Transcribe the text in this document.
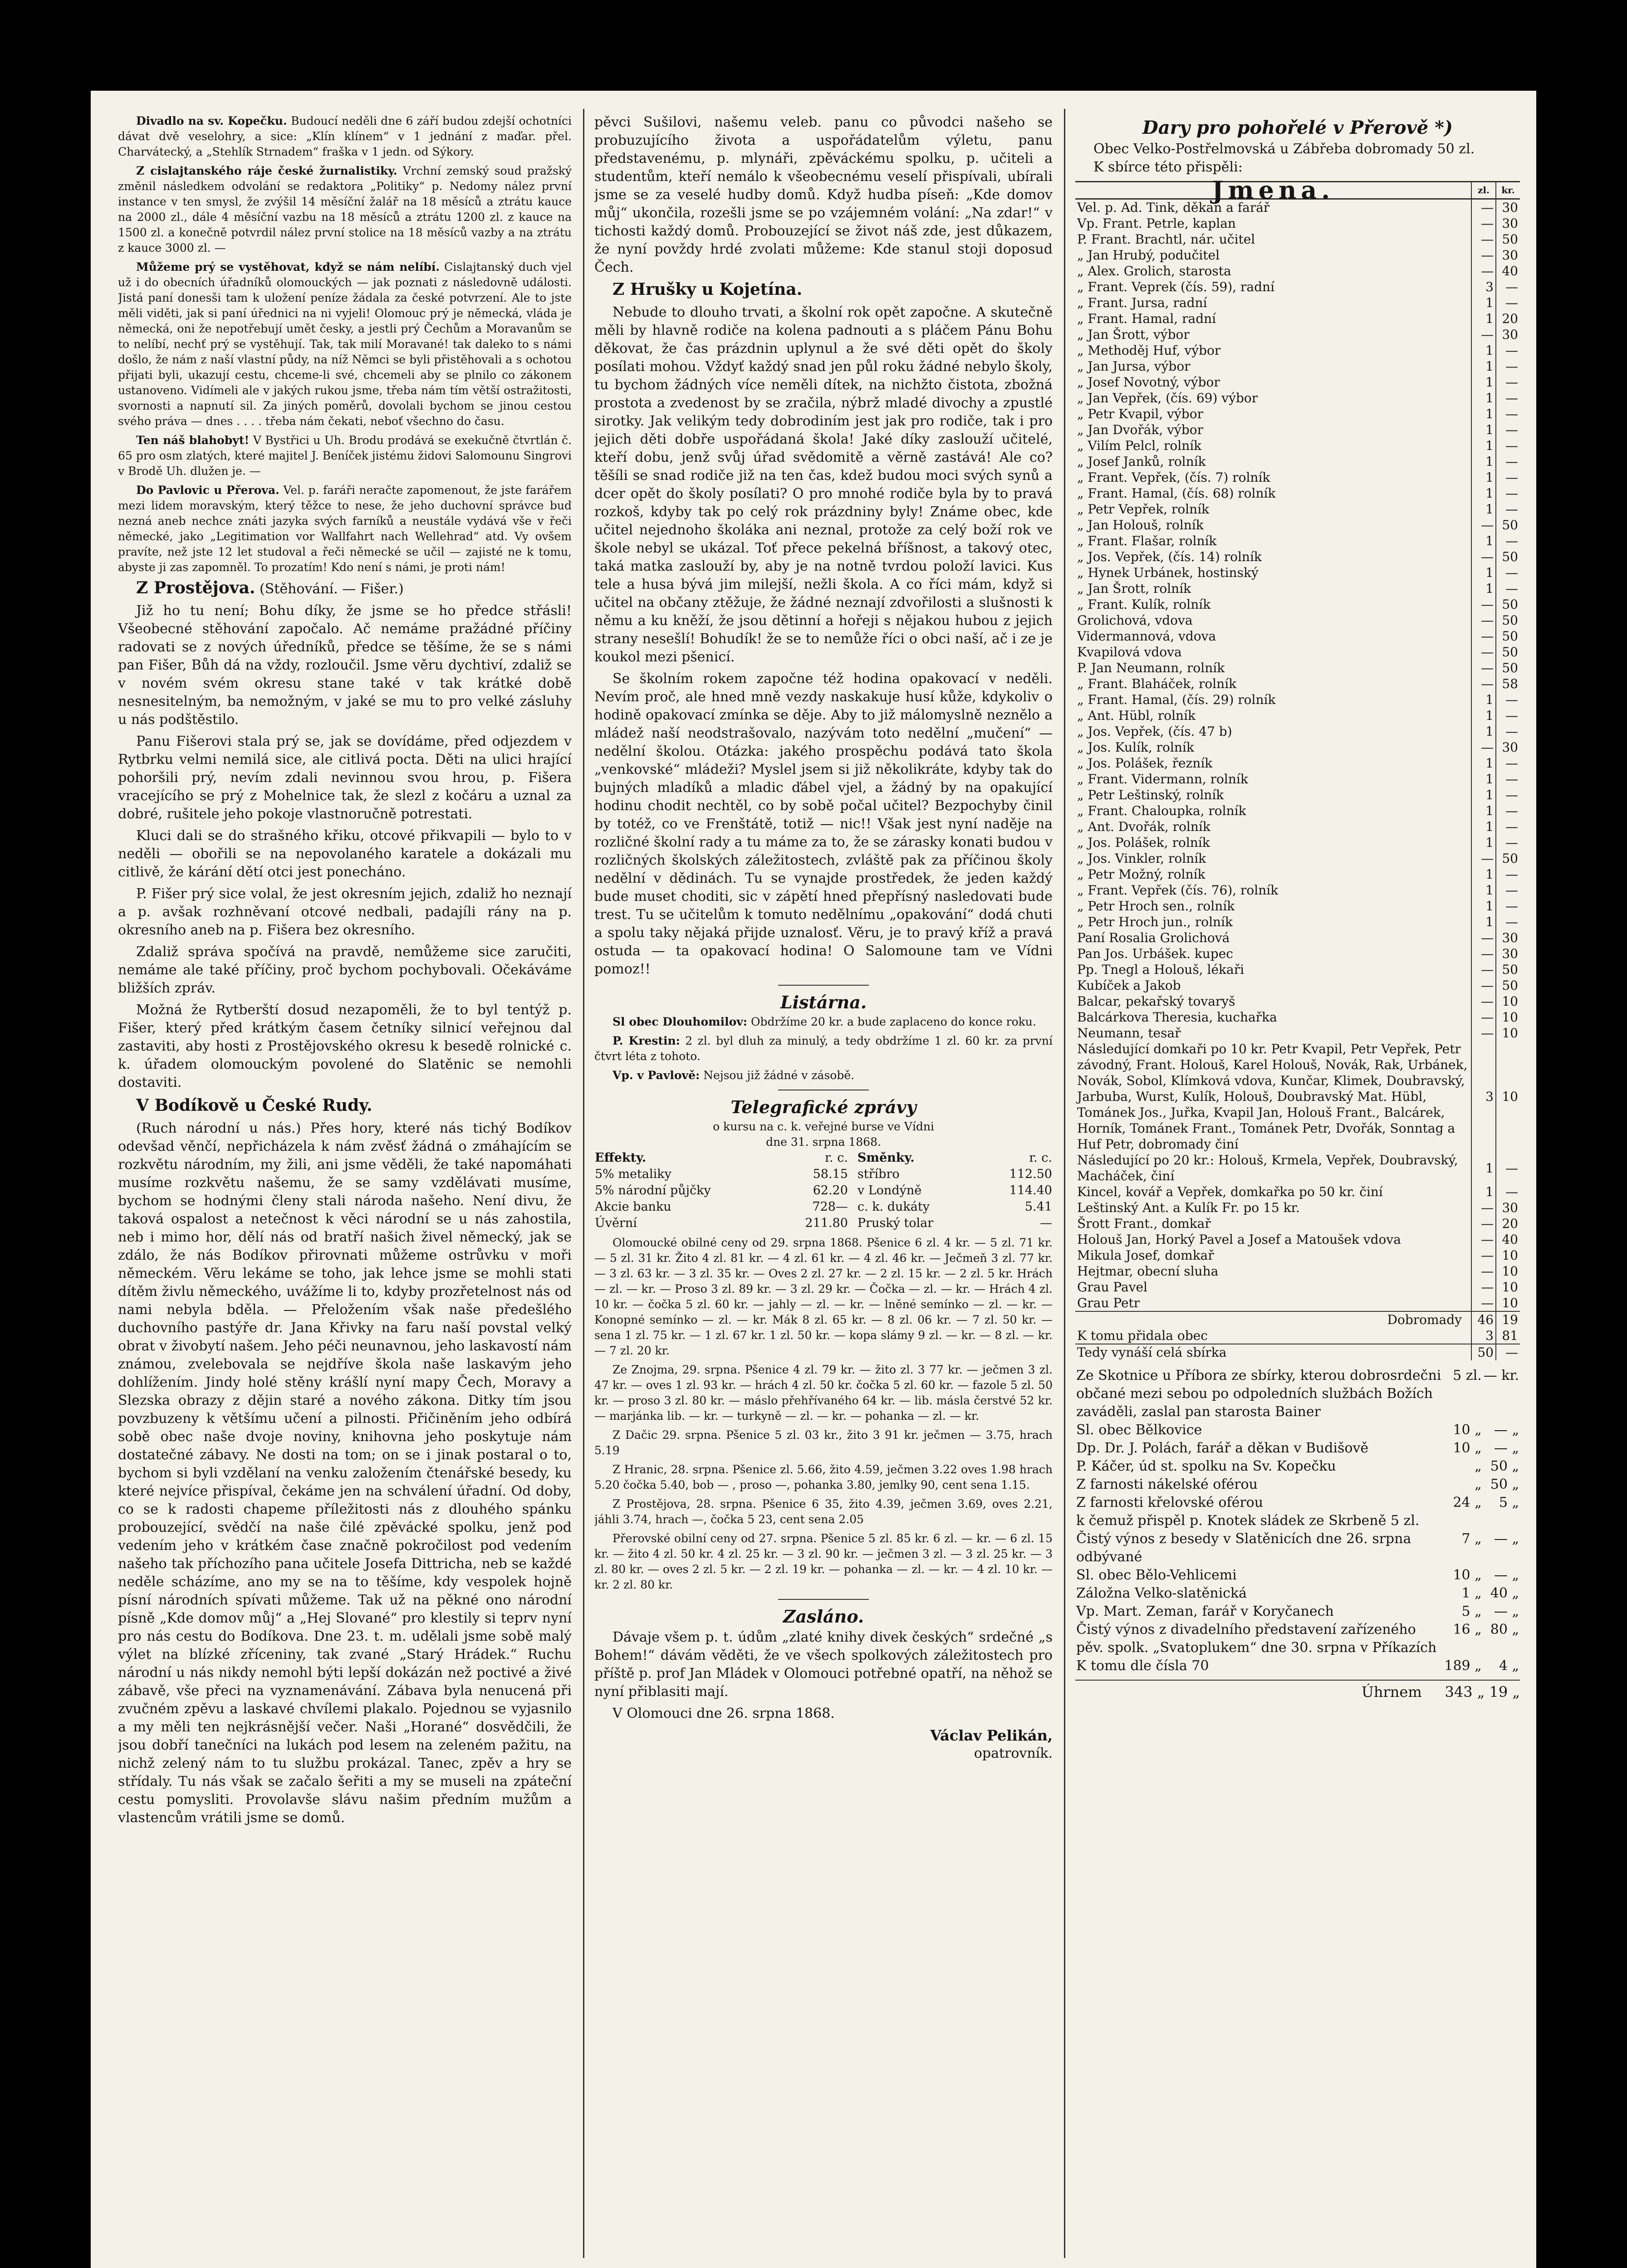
Divadlo na sv. Kopečku. Budoucí neděli dne 6 září budou zdejší ochotníci dávat dvě veselohry, a sice: „Klín klínem“ v 1 jednání z maďar. přel. Charvátecký, a „Stehlík Strnadem“ fraška v 1 jedn. od Sýkory.

Z cislajtanského ráje české žurnalistiky. Vrchní zemský soud pražský změnil následkem odvolání se redaktora „Politiky“ p. Nedomy nález první instance v ten smysl, že zvýšil 14 měsíční žalář na 18 měsíců a ztrátu kauce na 2000 zl., dále 4 měsíční vazbu na 18 měsíců a ztrátu 1200 zl. z kauce na 1500 zl. a konečně potvrdil nález první stolice na 18 měsíců vazby a na ztrátu z kauce 3000 zl. —

Můžeme prý se vystěhovat, když se nám nelíbí. Cislajtanský duch vjel už i do obecních úřadníků olomouckých — jak poznati z následovně události. Jistá paní donesši tam k uložení peníze žádala za české potvrzení. Ale to jste měli viděti, jak si paní úřednici na ni vyjeli! Olomouc prý je německá, vláda je německá, oni že nepotřebují umět česky, a jestli prý Čechům a Moravanům se to nelíbí, nechť prý se vystěhují. Tak, tak milí Moravané! tak daleko to s námi došlo, že nám z naší vlastní půdy, na níž Němci se byli přistěhovali a s ochotou přijati byli, ukazují cestu, chceme-li své, chcemeli aby se plnilo co zákonem ustanoveno. Vidímeli ale v jakých rukou jsme, třeba nám tím větší ostražitosti, svornosti a napnutí sil. Za jiných poměrů, dovolali bychom se jinou cestou svého práva — dnes . . . . třeba nám čekati, neboť všechno do času.

Ten náš blahobyt! V Bystřici u Uh. Brodu prodává se exekučně čtvrtlán č. 65 pro osm zlatých, které majitel J. Beníček jistému židovi Salomounu Singrovi v Brodě Uh. dlužen je. —

Do Pavlovic u Přerova. Vel. p. faráři neračte zapomenout, že jste farářem mezi lidem moravským, který těžce to nese, že jeho duchovní správce buď nezná aneb nechce znáti jazyka svých farníků a neustále vydává vše v řeči německé, jako „Legitimation vor Wallfahrt nach Wellehrad“ atd. Vy ovšem pravíte, než jste 12 let studoval a řeči německé se učil — zajisté ne k tomu, abyste ji zas zapomněl. To prozatím! Kdo není s námi, je proti nám!

Z Prostějova. (Stěhování. — Fišer.)

Již ho tu není; Bohu díky, že jsme se ho předce střásli! Všeobecné stěhování započalo. Ač nemáme pražádné příčiny radovati se z nových úředníků, předce se těšíme, že se s námi pan Fišer, Bůh dá na vždy, rozloučil. Jsme věru dychtiví, zdaliž se v novém svém okresu stane také v tak krátké době nesnesitelným, ba nemožným, v jaké se mu to pro velké zásluhy u nás podštěstilo.

Panu Fišerovi stala prý se, jak se dovídáme, před odjezdem v Rytbrku velmi nemilá sice, ale citlivá pocta. Děti na ulici hrající pohoršili prý, nevím zdali nevinnou svou hrou, p. Fišera vracejícího se prý z Mohelnice tak, že slezl z kočáru a uznal za dobré, rušitele jeho pokoje vlastnoručně potrestati.

Kluci dali se do strašného křiku, otcové přikvapili — bylo to v neděli — obořili se na nepovolaného karatele a dokázali mu citlivě, že kárání dětí otci jest ponecháno.

P. Fišer prý sice volal, že jest okresním jejich, zdaliž ho neznají a p. avšak rozhněvaní otcové nedbali, padajíli rány na p. okresního aneb na p. Fišera bez okresního.

Zdaliž správa spočívá na pravdě, nemůžeme sice zaručiti, nemáme ale také příčiny, proč bychom pochybovali. Očekáváme bližších zpráv.

Možná že Rytberští dosud nezapoměli, že to byl tentýž p. Fišer, který před krátkým časem četníky silnicí veřejnou dal zastaviti, aby hosti z Prostějovského okresu k besedě rolnické c. k. úřadem olomouckým povolené do Slatěnic se nemohli dostaviti.

V Bodíkově u České Rudy.

(Ruch národní u nás.) Přes hory, které nás tichý Bodíkov odevšad věnčí, nepřicházela k nám zvěsť žádná o zmáhajícím se rozkvětu národním, my žili, ani jsme věděli, že také napomáhati musíme rozkvětu našemu, že se samy vzdělávati musíme, bychom se hodnými členy stali národa našeho. Není divu, že taková ospalost a netečnost k věci národní se u nás zahostila, neb i mimo hor, dělí nás od bratří našich živel německý, jak se zdálo, že nás Bodíkov přirovnati můžeme ostrůvku v moři německém. Věru lekáme se toho, jak lehce jsme se mohli stati dítěm živlu německého, uvážíme li to, kdyby prozřetelnost nás od nami nebyla bděla. — Přeložením však naše předešlého duchovního pastýře dr. Jana Křivky na faru naší povstal velký obrat v živobytí našem. Jeho péči neunavnou, jeho laskavostí nám známou, zvelebovala se nejdříve škola naše laskavým jeho dohlížením. Jindy holé stěny krášlí nyní mapy Čech, Moravy a Slezska obrazy z dějin staré a nového zákona. Ditky tím jsou povzbuzeny k většímu učení a pilnosti. Přičiněním jeho odbírá sobě obec naše dvoje noviny, knihovna jeho poskytuje nám dostatečné zábavy. Ne dosti na tom; on se i jinak postaral o to, bychom si byli vzdělaní na venku založením čtenářské besedy, ku které nejvíce přispíval, čekáme jen na schválení úřadní. Od doby, co se k radosti chapeme příležitosti nás z dlouhého spánku probouzející, svědčí na naše čilé zpěvácké spolku, jenž pod vedením jeho v krátkém čase značně pokročilost pod vedením našeho tak příchozího pana učitele Josefa Dittricha, neb se každé neděle scházíme, ano my se na to těšíme, kdy vespolek hojně písní národních spívati můžeme. Tak už na pěkné ono národní písně „Kde domov můj“ a „Hej Slované“ pro klestily si teprv nyní pro nás cestu do Bodíkova. Dne 23. t. m. udělali jsme sobě malý výlet na blízké zříceniny, tak zvané „Starý Hrádek.“ Ruchu národní u nás nikdy nemohl býti lepší dokázán než poctivé a živé zábavě, vše přeci na vyznamenávání. Zábava byla nenucená při zvučném zpěvu a laskavé chvílemi plakalo. Pojednou se vyjasnilo a my měli ten nejkrásnější večer. Naši „Horané“ dosvědčili, že jsou dobří tanečníci na lukách pod lesem na zeleném pažitu, na nichž zelený nám to tu službu prokázal. Tanec, zpěv a hry se střídaly. Tu nás však se začalo šeřiti a my se museli na zpáteční cestu pomysliti. Provolavše slávu našim předním mužům a vlastencům vrátili jsme se domů.

pěvci Sušilovi, našemu veleb. panu co původci našeho se probuzujícího života a uspořádatelům výletu, panu představenému, p. mlynáři, zpěváckému spolku, p. učiteli a studentům, kteří nemálo k všeobecnému veselí přispívali, ubírali jsme se za veselé hudby domů. Když hudba píseň: „Kde domov můj“ ukončila, rozešli jsme se po vzájemném volání: „Na zdar!“ v tichosti každý domů. Probouzející se život náš zde, jest důkazem, že nyní povždy hrdé zvolati můžeme: Kde stanul stoji doposud Čech.

Z Hrušky u Kojetína.

Nebude to dlouho trvati, a školní rok opět započne. A skutečně měli by hlavně rodiče na kolena padnouti a s pláčem Pánu Bohu děkovat, že čas prázdnin uplynul a že své děti opět do školy posílati mohou. Vždyť každý snad jen půl roku žádné nebylo školy, tu bychom žádných více neměli dítek, na nichžto čistota, zbožná prostota a zvedenost by se zračila, nýbrž mladé divochy a zpustlé sirotky. Jak velikým tedy dobrodiním jest jak pro rodiče, tak i pro jejich děti dobře uspořádaná škola! Jaké díky zaslouží učitelé, kteří dobu, jenž svůj úřad svědomitě a věrně zastává! Ale co? těšíli se snad rodiče již na ten čas, kdež budou moci svých synů a dcer opět do školy posílati? O pro mnohé rodiče byla by to pravá rozkoš, kdyby tak po celý rok prázdniny byly! Známe obec, kde učitel nejednoho školáka ani neznal, protože za celý boží rok ve škole nebyl se ukázal. Toť přece pekelná bříšnost, a takový otec, taká matka zaslouží by, aby je na notně tvrdou položí lavici. Kus tele a husa bývá jim milejší, nežli škola. A co říci mám, když si učitel na občany ztěžuje, že žádné neznají zdvořilosti a slušnosti k němu a ku kněží, že jsou dětinní a hořeji s nějakou hubou z jejich strany nesešlí! Bohudík! že se to nemůže říci o obci naší, ač i ze je koukol mezi pšenicí.

Se školním rokem započne též hodina opakovací v neděli. Nevím proč, ale hned mně vezdy naskakuje husí kůže, kdykoliv o hodině opakovací zmínka se děje. Aby to již málomyslně neznělo a mládež naší neodstrašovalo, nazývám toto nedělní „mučení“ — nedělní školou. Otázka: jakého prospěchu podává tato škola „venkovské“ mládeži? Myslel jsem si již několikráte, kdyby tak do bujných mladíků a mladic ďábel vjel, a žádný by na opakující hodinu chodit nechtěl, co by sobě počal učitel? Bezpochyby činil by totéž, co ve Frenštátě, totiž — nic!! Však jest nyní naděje na rozličné školní rady a tu máme za to, že se zárasky konati budou v rozličných školských záležitostech, zvláště pak za příčinou školy nedělní v dědinách. Tu se vynajde prostředek, že jeden každý bude muset choditi, sic v zápětí hned přepřísný nasledovati bude trest. Tu se učitelům k tomuto nedělnímu „opakování“ dodá chuti a spolu taky nějaká přijde uznalosť. Věru, je to pravý kříž a pravá ostuda — ta opakovací hodina! O Salomoune tam ve Vídni pomoz!!

Listárna.

Sl obec Dlouhomilov: Obdržíme 20 kr. a bude zaplaceno do konce roku.

P. Krestin: 2 zl. byl dluh za minulý, a tedy obdržíme 1 zl. 60 kr. za první čtvrt léta z tohoto.

Vp. v Pavlově: Nejsou již žádné v zásobě.

Telegrafické zprávy
o kursu na c. k. veřejné burse ve Vídni
dne 31. srpna 1868.
Effekty.	r. c.	Směnky.	r. c.
5% metaliky	58.15	stříbro	112.50
5% národní půjčky	62.20	v Londýně	114.40
Akcie banku	728—	c. k. dukáty	5.41
Úvěrní	211.80	Pruský tolar	—

Olomoucké obilné ceny od 29. srpna 1868. Pšenice 6 zl. 4 kr. — 5 zl. 71 kr. — 5 zl. 31 kr. Žito 4 zl. 81 kr. — 4 zl. 61 kr. — 4 zl. 46 kr. — Ječmeň 3 zl. 77 kr. — 3 zl. 63 kr. — 3 zl. 35 kr. — Oves 2 zl. 27 kr. — 2 zl. 15 kr. — 2 zl. 5 kr. Hrách — zl. — kr. — Proso 3 zl. 89 kr. — 3 zl. 29 kr. — Čočka — zl. — kr. — Hrách 4 zl. 10 kr. — čočka 5 zl. 60 kr. — jahly — zl. — kr. — lněné semínko — zl. — kr. — Konopné semínko — zl. — kr. Mák 8 zl. 65 kr. — 8 zl. 06 kr. — 7 zl. 50 kr. — sena 1 zl. 75 kr. — 1 zl. 67 kr. 1 zl. 50 kr. — kopa slámy 9 zl. — kr. — 8 zl. — kr. — 7 zl. 20 kr.

Ze Znojma, 29. srpna. Pšenice 4 zl. 79 kr. — žito zl. 3 77 kr. — ječmen 3 zl. 47 kr. — oves 1 zl. 93 kr. — hrách 4 zl. 50 kr. čočka 5 zl. 60 kr. — fazole 5 zl. 50 kr. — proso 3 zl. 80 kr. — máslo přehřívaného 64 kr. — lib. másla čerstvé 52 kr. — marjánka lib. — kr. — turkyně — zl. — kr. — pohanka — zl. — kr.

Z Dačic 29. srpna. Pšenice 5 zl. 03 kr., žito 3 91 kr. ječmen — 3.75, hrach 5.19

Z Hranic, 28. srpna. Pšenice zl. 5.66, žito 4.59, ječmen 3.22 oves 1.98 hrach 5.20 čočka 5.40, bob — , proso —, pohanka 3.80, jemlky 90, cent sena 1.15.

Z Prostějova, 28. srpna. Pšenice 6 35, žito 4.39, ječmen 3.69, oves 2.21, jáhli 3.74, hrach —, čočka 5 23, cent sena 2.05

Přerovské obilní ceny od 27. srpna. Pšenice 5 zl. 85 kr. 6 zl. — kr. — 6 zl. 15 kr. — žito 4 zl. 50 kr. 4 zl. 25 kr. — 3 zl. 90 kr. — ječmen 3 zl. — 3 zl. 25 kr. — 3 zl. 80 kr. — oves 2 zl. 5 kr. — 2 zl. 19 kr. — pohanka — zl. — kr. — 4 zl. 10 kr. — kr. 2 zl. 80 kr.

Zasláno.

Dávaje všem p. t. údům „zlaté knihy divek českých“ srdečné „s Bohem!“ dávám věděti, že ve všech spolkových záležitostech pro příště p. prof Jan Mládek v Olomouci potřebné opatří, na něhož se nyní přiblasiti mají.

V Olomouci dne 26. srpna 1868.

Václav Pelikán,
opatrovník.
Dary pro pohořelé v Přerově *)
Obec Velko-Postřelmovská u Zábřeba dobromady 50 zl.
K sbírce této přispěli:
Jmena.	zl.	kr.
Vel. p. Ad. Tink, děkan a farář	—	30
Vp. Frant. Petrle, kaplan	—	30
P. Frant. Brachtl, nár. učitel	—	50
„ Jan Hrubý, podučitel	—	30
„ Alex. Grolich, starosta	—	40
„ Frant. Veprek (čís. 59), radní	3	—
„ Frant. Jursa, radní	1	—
„ Frant. Hamal, radní	1	20
„ Jan Šrott, výbor	—	30
„ Methoděj Huf, výbor	1	—
„ Jan Jursa, výbor	1	—
„ Josef Novotný, výbor	1	—
„ Jan Vepřek, (čís. 69) výbor	1	—
„ Petr Kvapil, výbor	1	—
„ Jan Dvořák, výbor	1	—
„ Vilím Pelcl, rolník	1	—
„ Josef Janků, rolník	1	—
„ Frant. Vepřek, (čís. 7) rolník	1	—
„ Frant. Hamal, (čís. 68) rolník	1	—
„ Petr Vepřek, rolník	1	—
„ Jan Holouš, rolník	—	50
„ Frant. Flašar, rolník	1	—
„ Jos. Vepřek, (čís. 14) rolník	—	50
„ Hynek Urbánek, hostinský	1	—
„ Jan Šrott, rolník	1	—
„ Frant. Kulík, rolník	—	50
Grolichová, vdova	—	50
Vidermannová, vdova	—	50
Kvapilová vdova	—	50
P. Jan Neumann, rolník	—	50
„ Frant. Blaháček, rolník	—	58
„ Frant. Hamal, (čís. 29) rolník	1	—
„ Ant. Hübl, rolník	1	—
„ Jos. Vepřek, (čís. 47 b)	1	—
„ Jos. Kulík, rolník	—	30
„ Jos. Polášek, řezník	1	—
„ Frant. Vidermann, rolník	1	—
„ Petr Leštinský, rolník	1	—
„ Frant. Chaloupka, rolník	1	—
„ Ant. Dvořák, rolník	1	—
„ Jos. Polášek, rolník	1	—
„ Jos. Vinkler, rolník	—	50
„ Petr Možný, rolník	1	—
„ Frant. Vepřek (čís. 76), rolník	1	—
„ Petr Hroch sen., rolník	1	—
„ Petr Hroch jun., rolník	1	—
Paní Rosalia Grolichová	—	30
Pan Jos. Urbášek. kupec	—	30
Pp. Tnegl a Holouš, lékaři	—	50
Kubíček a Jakob	—	50
Balcar, pekařský tovaryš	—	10
Balcárkova Theresia, kuchařka	—	10
Neumann, tesař	—	10
Následující domkaři po 10 kr. Petr Kvapil, Petr Vepřek, Petr závodný, Frant. Holouš, Karel Holouš, Novák, Rak, Urbánek, Novák, Sobol, Klímková vdova, Kunčar, Klimek, Doubravský, Jarbuba, Wurst, Kulík, Holouš, Doubravský Mat. Hübl, Tománek Jos., Juřka, Kvapil Jan, Holouš Frant., Balcárek, Horník, Tománek Frant., Tománek Petr, Dvořák, Sonntag a Huf Petr, dobromady činí	3	10
Následující po 20 kr.: Holouš, Krmela, Vepřek, Doubravský, Macháček, činí	1	—
Kincel, kovář a Vepřek, domkařka po 50 kr. činí	1	—
Leštinský Ant. a Kulík Fr. po 15 kr.	—	30
Šrott Frant., domkař	—	20
Holouš Jan, Horký Pavel a Josef a Matoušek vdova	—	40
Mikula Josef, domkař	—	10
Hejtmar, obecní sluha	—	10
Grau Pavel	—	10
Grau Petr	—	10
Dobromady	46	19
K tomu přidala obec	3	81
Tedy vynáší celá sbírka	50	—
Ze Skotnice u Příbora ze sbírky, kterou dobrosrdečni občané mezi sebou po odpoledních službách Božích zaváděli, zaslal pan starosta Bainer	5 zl.	— kr.
Sl. obec Bělkovice	10 „	— „
Dp. Dr. J. Polách, farář a děkan v Budišově	10 „	— „
P. Káčer, úd st. spolku na Sv. Kopečku	„	50 „
Z farnosti nákelské oférou	„	50 „
Z farnosti křelovské oférou	24 „	5 „
k čemuž přispěl p. Knotek sládek ze Skrbeně 5 zl.		
Čistý výnos z besedy v Slatěnicích dne 26. srpna odbývané	7 „	— „
Sl. obec Bělo-Vehlicemi	10 „	— „
Záložna Velko-slatěnická	1 „	40 „
Vp. Mart. Zeman, farář v Koryčanech	5 „	— „
Čistý výnos z divadelního představení zařízeného pěv. spolk. „Svatoplukem“ dne 30. srpna v Příkazích	16 „	80 „
K tomu dle čísla 70	189 „	4 „
Úhrnem 343 „ 19 „
